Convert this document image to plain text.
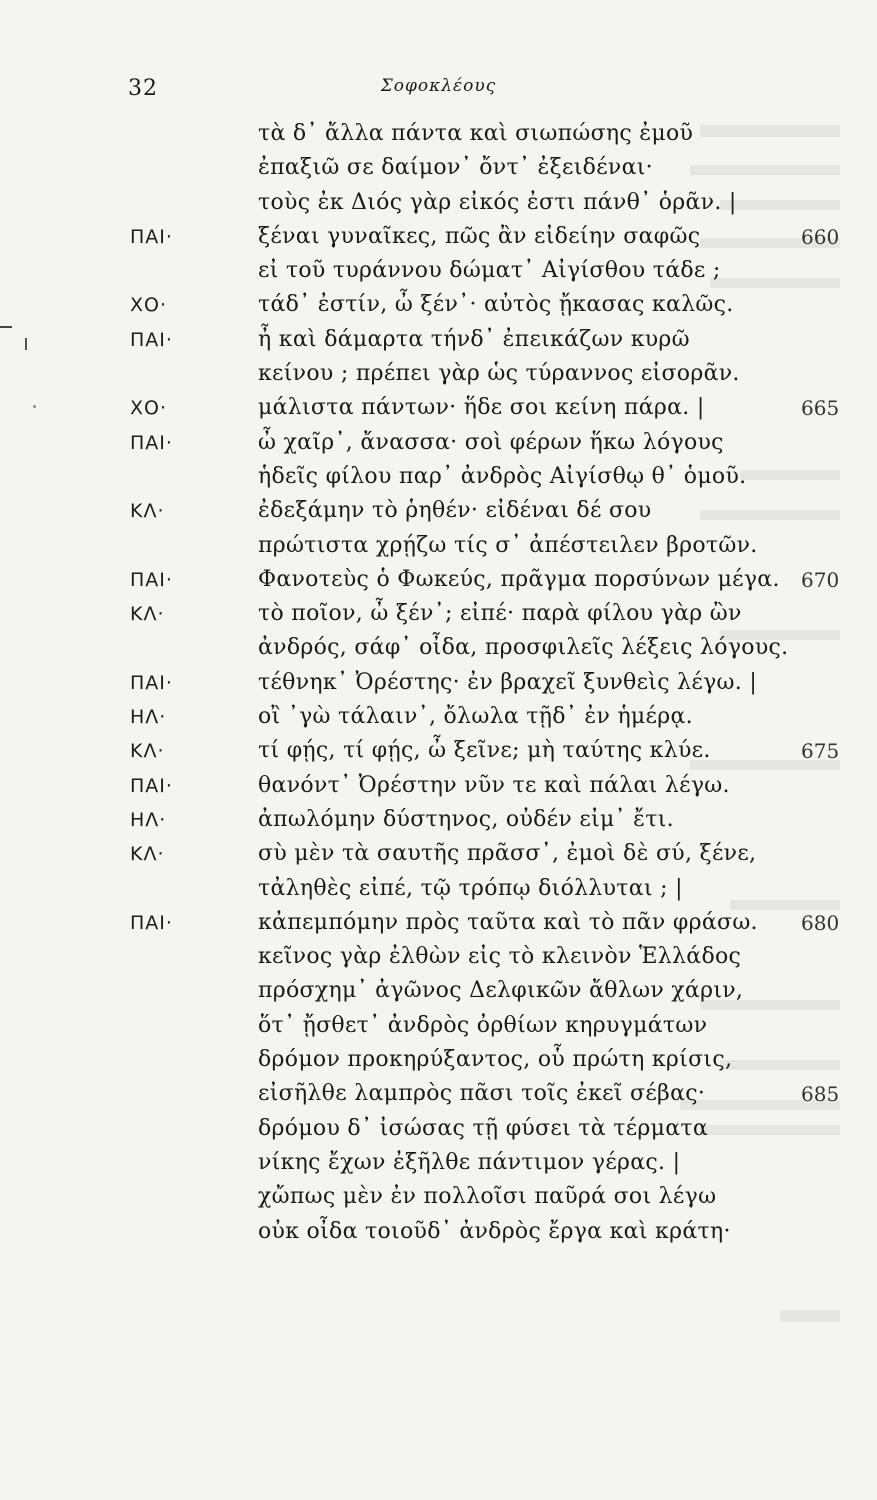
32	Σοφοκλέους
τὰ δ᾽ ἄλλα πάντα καὶ σιωπώσης ἐμοῦ
ἐπαξιῶ σε δαίμον᾽ ὄντ᾽ ἐξειδέναι·
τοὺς ἐκ Διός γὰρ εἰκός ἐστι πάνθ᾽ ὁρᾶν. |
ΠΑΙ·	ξέναι γυναῖκες, πῶς ἂν εἰδείην σαφῶς	660
εἰ τοῦ τυράννου δώματ᾽ Αἰγίσθου τάδε ;
ΧΟ·	τάδ᾽ ἐστίν, ὦ ξέν᾽· αὐτὸς ᾔκασας καλῶς.
ΠΑΙ·	ἦ καὶ δάμαρτα τήνδ᾽ ἐπεικάζων κυρῶ
κείνου ; πρέπει γὰρ ὡς τύραννος εἰσορᾶν.
ΧΟ·	μάλιστα πάντων· ἥδε σοι κείνη πάρα. |	665
ΠΑΙ·	ὦ χαῖρ᾽, ἄνασσα· σοὶ φέρων ἥκω λόγους
ἡδεῖς φίλου παρ᾽ ἀνδρὸς Αἰγίσθῳ θ᾽ ὁμοῦ.
ΚΛ·	ἐδεξάμην τὸ ῥηθέν· εἰδέναι δέ σου
πρώτιστα χρῄζω τίς σ᾽ ἀπέστειλεν βροτῶν.
ΠΑΙ·	Φανοτεὺς ὁ Φωκεύς, πρᾶγμα πορσύνων μέγα. 670
ΚΛ·	τὸ ποῖον, ὦ ξέν᾽; εἰπέ· παρὰ φίλου γὰρ ὢν
ἀνδρός, σάφ᾽ οἶδα, προσφιλεῖς λέξεις λόγους.
ΠΑΙ·	τέθνηκ᾽ Ὀρέστης· ἐν βραχεῖ ξυνθεὶς λέγω. |
ΗΛ·	οἲ ᾽γὼ τάλαιν᾽, ὄλωλα τῇδ᾽ ἐν ἡμέρᾳ.
ΚΛ·	τί φῄς, τί φῄς, ὦ ξεῖνε; μὴ ταύτης κλύε.	675
ΠΑΙ·	θανόντ᾽ Ὀρέστην νῦν τε καὶ πάλαι λέγω.
ΗΛ·	ἀπωλόμην δύστηνος, οὐδέν εἰμ᾽ ἔτι.
ΚΛ·	σὺ μὲν τὰ σαυτῆς πρᾶσσ᾽, ἐμοὶ δὲ σύ, ξένε,
τἀληθὲς εἰπέ, τῷ τρόπῳ διόλλυται ; |
ΠΑΙ·	κἀπεμπόμην πρὸς ταῦτα καὶ τὸ πᾶν φράσω. 680
κεῖνος γὰρ ἐλθὼν εἰς τὸ κλεινὸν Ἑλλάδος
πρόσχημ᾽ ἀγῶνος Δελφικῶν ἄθλων χάριν,
ὅτ᾽ ᾔσθετ᾽ ἀνδρὸς ὀρθίων κηρυγμάτων
δρόμον προκηρύξαντος, οὗ πρώτη κρίσις,
εἰσῆλθε λαμπρὸς πᾶσι τοῖς ἐκεῖ σέβας·	685
δρόμου δ᾽ ἰσώσας τῇ φύσει τὰ τέρματα
νίκης ἔχων ἐξῆλθε πάντιμον γέρας. |
χὤπως μὲν ἐν πολλοῖσι παῦρά σοι λέγω
οὐκ οἶδα τοιοῦδ᾽ ἀνδρὸς ἔργα καὶ κράτη·
